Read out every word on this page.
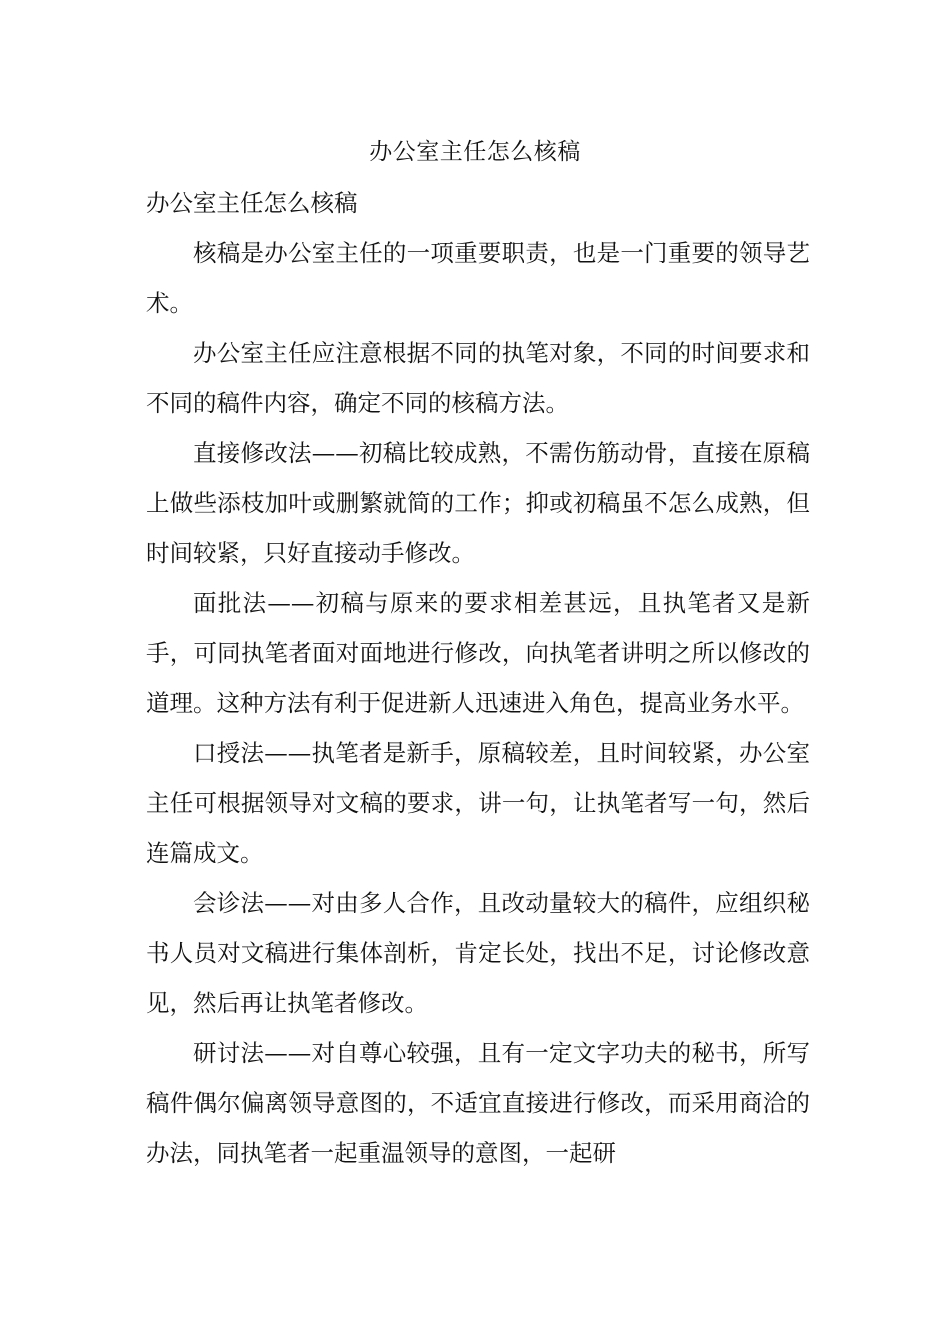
办公室主任怎么核稿

办公室主任怎么核稿

核稿是办公室主任的一项重要职责，也是一门重要的领导艺术。

办公室主任应注意根据不同的执笔对象，不同的时间要求和不同的稿件内容，确定不同的核稿方法。

直接修改法——初稿比较成熟，不需伤筋动骨，直接在原稿上做些添枝加叶或删繁就简的工作；抑或初稿虽不怎么成熟，但时间较紧，只好直接动手修改。

面批法——初稿与原来的要求相差甚远，且执笔者又是新手，可同执笔者面对面地进行修改，向执笔者讲明之所以修改的道理。这种方法有利于促进新人迅速进入角色，提高业务水平。

口授法——执笔者是新手，原稿较差，且时间较紧，办公室主任可根据领导对文稿的要求，讲一句，让执笔者写一句，然后连篇成文。

会诊法——对由多人合作，且改动量较大的稿件，应组织秘书人员对文稿进行集体剖析，肯定长处，找出不足，讨论修改意见，然后再让执笔者修改。

研讨法——对自尊心较强，且有一定文字功夫的秘书，所写稿件偶尔偏离领导意图的，不适宜直接进行修改，而采用商洽的办法，同执笔者一起重温领导的意图，一起研
